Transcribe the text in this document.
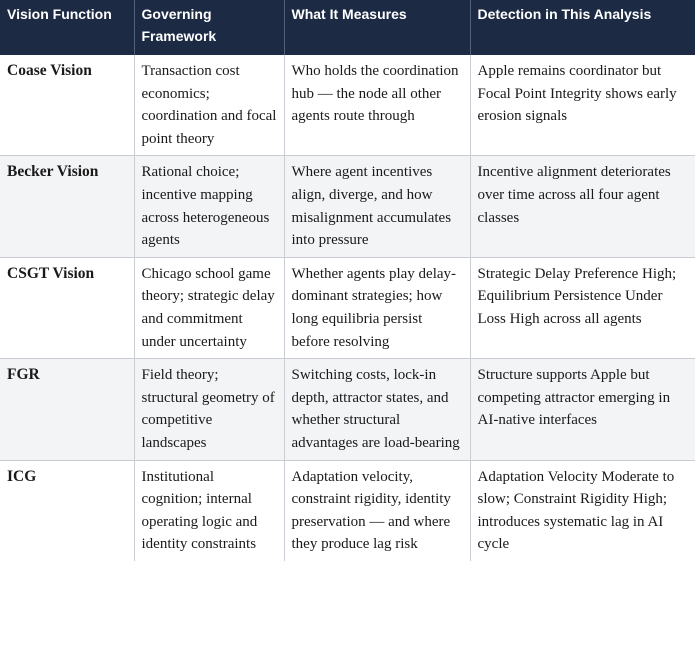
Vision Function	Governing Framework	What It Measures	Detection in This Analysis
Coase Vision	Transaction cost economics; coordination and focal point theory	Who holds the coordination hub — the node all other agents route through	Apple remains coordinator but Focal Point Integrity shows early erosion signals
Becker Vision	Rational choice; incentive mapping across heterogeneous agents	Where agent incentives align, diverge, and how misalignment accumulates into pressure	Incentive alignment deteriorates over time across all four agent classes
CSGT Vision	Chicago school game theory; strategic delay and commitment under uncertainty	Whether agents play delay-dominant strategies; how long equilibria persist before resolving	Strategic Delay Preference High; Equilibrium Persistence Under Loss High across all agents
FGR	Field theory; structural geometry of competitive landscapes	Switching costs, lock-in depth, attractor states, and whether structural advantages are load-bearing	Structure supports Apple but competing attractor emerging in AI-native interfaces
ICG	Institutional cognition; internal operating logic and identity constraints	Adaptation velocity, constraint rigidity, identity preservation — and where they produce lag risk	Adaptation Velocity Moderate to slow; Constraint Rigidity High; introduces systematic lag in AI cycle
